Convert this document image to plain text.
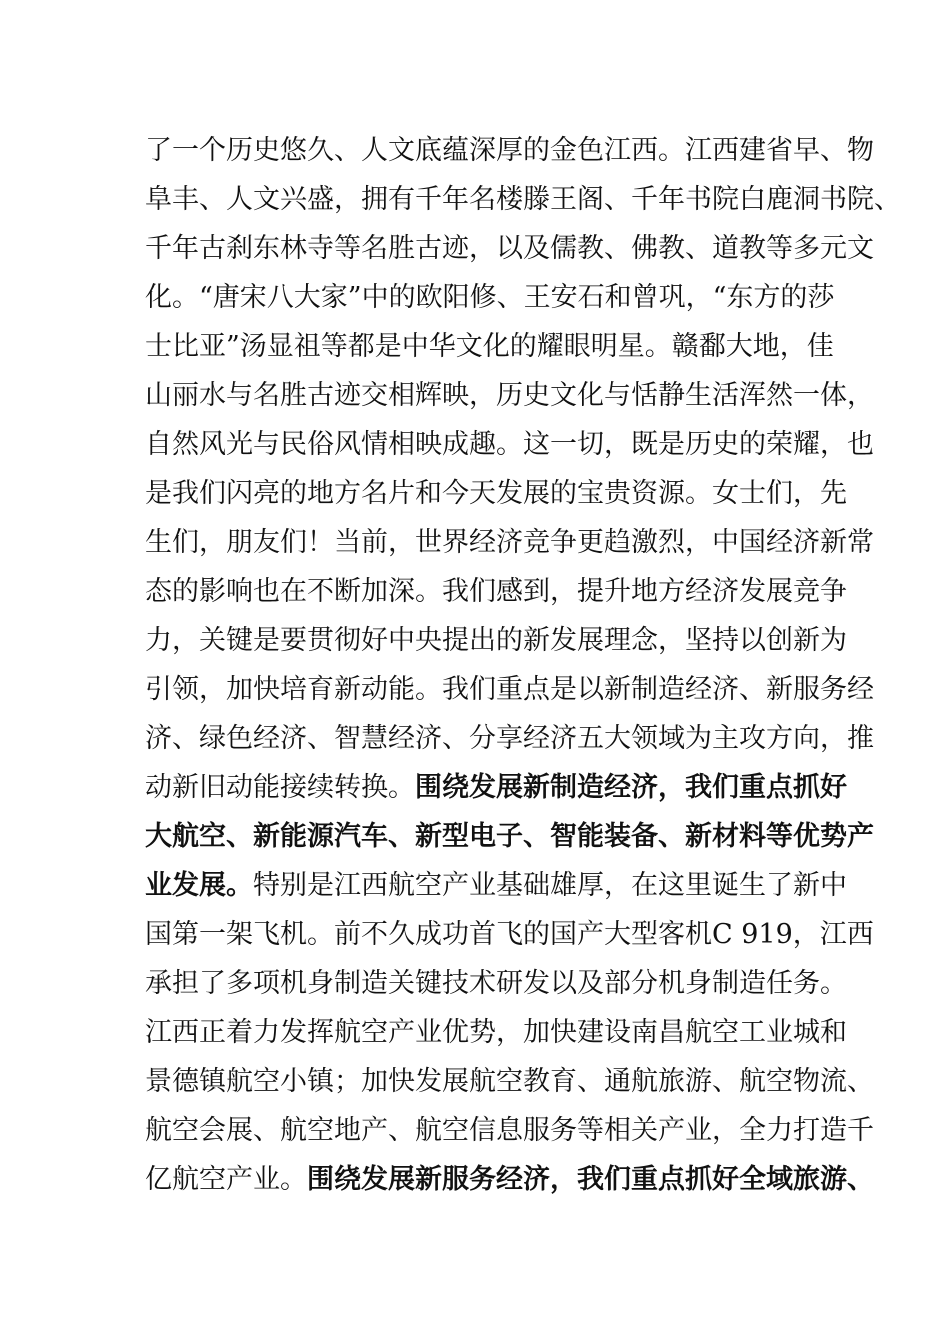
了一个历史悠久、人文底蕴深厚的金色江西。江西建省早、物
阜丰、人文兴盛，拥有千年名楼滕王阁、千年书院白鹿洞书院、
千年古刹东林寺等名胜古迹，以及儒教、佛教、道教等多元文
化。“唐宋八大家”中的欧阳修、王安石和曾巩，“东方的莎
士比亚”汤显祖等都是中华文化的耀眼明星。赣鄱大地，佳
山丽水与名胜古迹交相辉映，历史文化与恬静生活浑然一体，
自然风光与民俗风情相映成趣。这一切，既是历史的荣耀，也
是我们闪亮的地方名片和今天发展的宝贵资源。女士们，先
生们，朋友们！当前，世界经济竞争更趋激烈，中国经济新常
态的影响也在不断加深。我们感到，提升地方经济发展竞争
力，关键是要贯彻好中央提出的新发展理念，坚持以创新为
引领，加快培育新动能。我们重点是以新制造经济、新服务经
济、绿色经济、智慧经济、分享经济五大领域为主攻方向，推
动新旧动能接续转换。围绕发展新制造经济，我们重点抓好
大航空、新能源汽车、新型电子、智能装备、新材料等优势产
业发展。特别是江西航空产业基础雄厚，在这里诞生了新中
国第一架飞机。前不久成功首飞的国产大型客机C 919，江西
承担了多项机身制造关键技术研发以及部分机身制造任务。
江西正着力发挥航空产业优势，加快建设南昌航空工业城和
景德镇航空小镇；加快发展航空教育、通航旅游、航空物流、
航空会展、航空地产、航空信息服务等相关产业，全力打造千
亿航空产业。围绕发展新服务经济，我们重点抓好全域旅游、
